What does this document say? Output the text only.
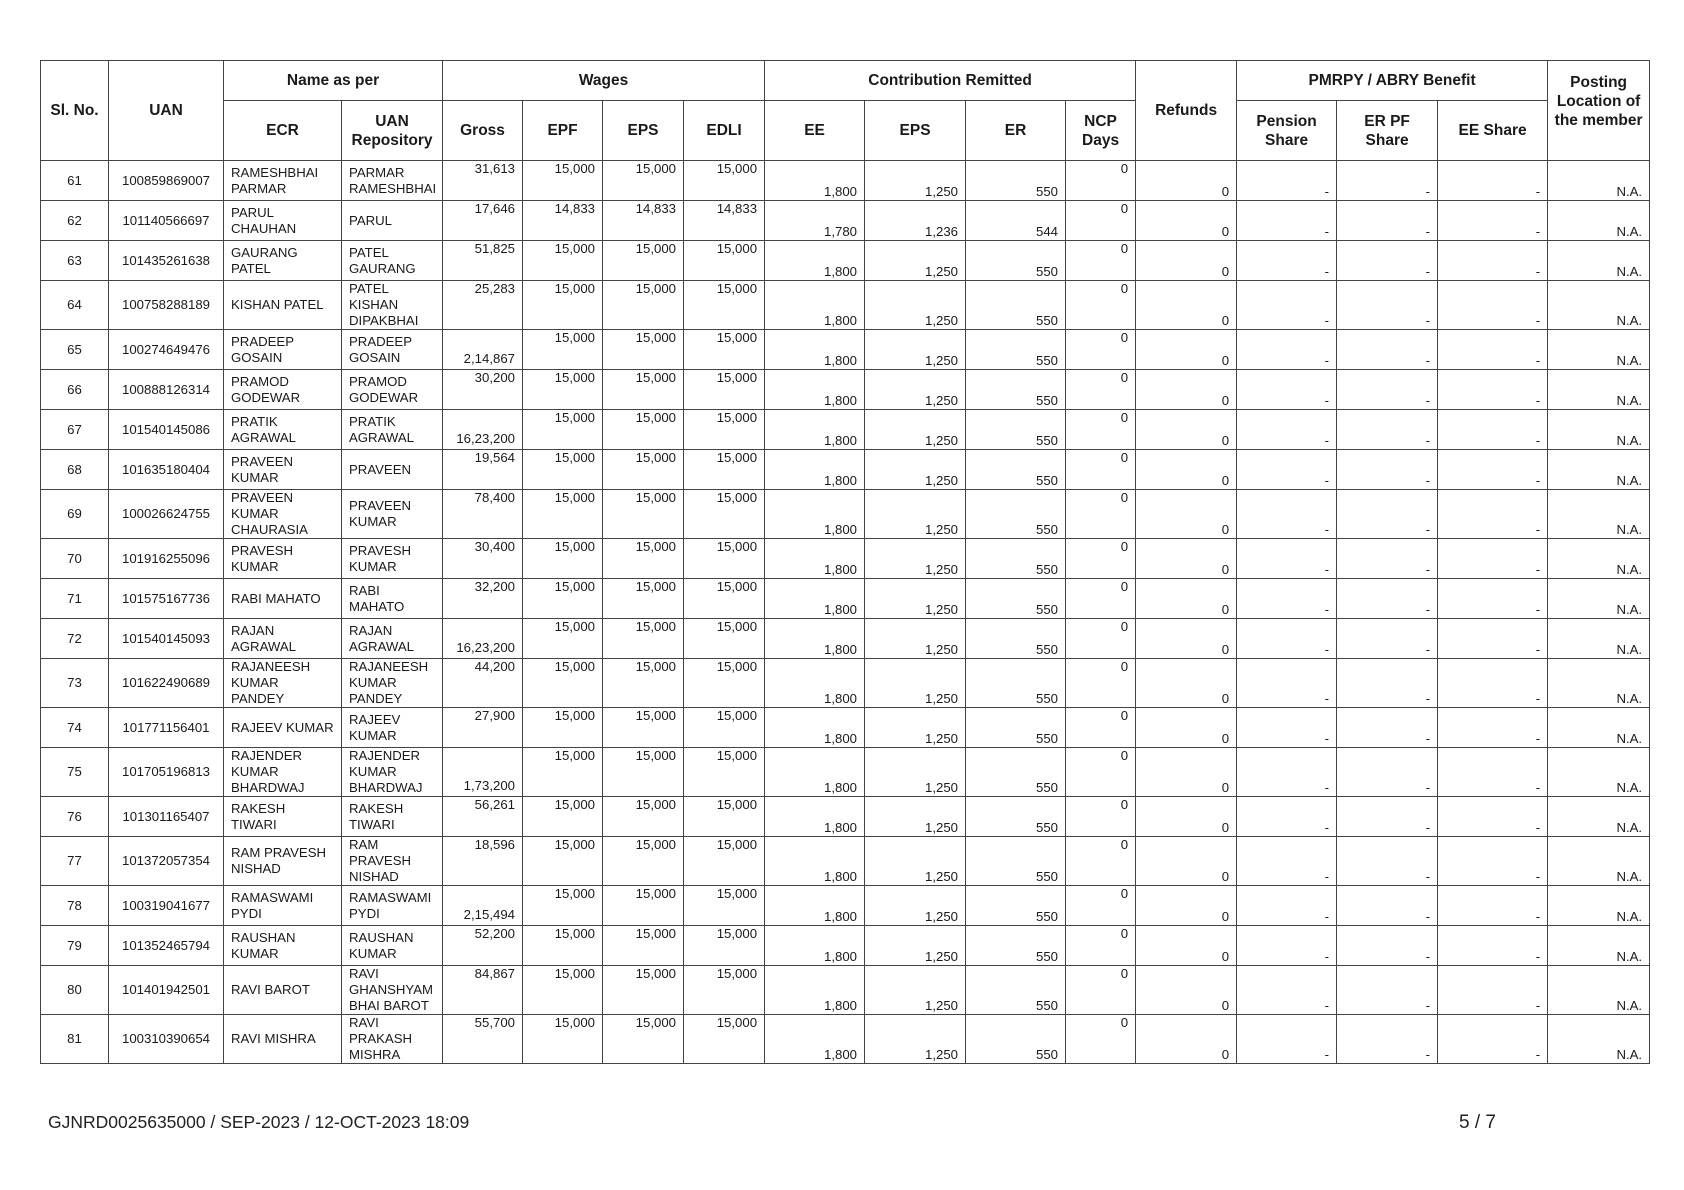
Sl. No.	UAN	Name as per		Wages				Contribution Remitted				Refunds	PMRPY / ABRY Benefit			Posting Location of the member
		ECR	UAN Repository	Gross	EPF	EPS	EDLI	EE	EPS	ER	NCP Days		Pension Share	ER PF Share	EE Share	
61	100859869007	RAMESHBHAI PARMAR	PARMAR RAMESHBHAI	31,613	15,000	15,000	15,000	1,800	1,250	550	0	0	-	-	-	N.A.
62	101140566697	PARUL CHAUHAN	PARUL	17,646	14,833	14,833	14,833	1,780	1,236	544	0	0	-	-	-	N.A.
63	101435261638	GAURANG PATEL	PATEL GAURANG	51,825	15,000	15,000	15,000	1,800	1,250	550	0	0	-	-	-	N.A.
64	100758288189	KISHAN PATEL	PATEL KISHAN DIPAKBHAI	25,283	15,000	15,000	15,000	1,800	1,250	550	0	0	-	-	-	N.A.
65	100274649476	PRADEEP GOSAIN	PRADEEP GOSAIN	2,14,867	15,000	15,000	15,000	1,800	1,250	550	0	0	-	-	-	N.A.
66	100888126314	PRAMOD GODEWAR	PRAMOD GODEWAR	30,200	15,000	15,000	15,000	1,800	1,250	550	0	0	-	-	-	N.A.
67	101540145086	PRATIK AGRAWAL	PRATIK AGRAWAL	16,23,200	15,000	15,000	15,000	1,800	1,250	550	0	0	-	-	-	N.A.
68	101635180404	PRAVEEN KUMAR	PRAVEEN	19,564	15,000	15,000	15,000	1,800	1,250	550	0	0	-	-	-	N.A.
69	100026624755	PRAVEEN KUMAR CHAURASIA	PRAVEEN KUMAR	78,400	15,000	15,000	15,000	1,800	1,250	550	0	0	-	-	-	N.A.
70	101916255096	PRAVESH KUMAR	PRAVESH KUMAR	30,400	15,000	15,000	15,000	1,800	1,250	550	0	0	-	-	-	N.A.
71	101575167736	RABI MAHATO	RABI MAHATO	32,200	15,000	15,000	15,000	1,800	1,250	550	0	0	-	-	-	N.A.
72	101540145093	RAJAN AGRAWAL	RAJAN AGRAWAL	16,23,200	15,000	15,000	15,000	1,800	1,250	550	0	0	-	-	-	N.A.
73	101622490689	RAJANEESH KUMAR PANDEY	RAJANEESH KUMAR PANDEY	44,200	15,000	15,000	15,000	1,800	1,250	550	0	0	-	-	-	N.A.
74	101771156401	RAJEEV KUMAR	RAJEEV KUMAR	27,900	15,000	15,000	15,000	1,800	1,250	550	0	0	-	-	-	N.A.
75	101705196813	RAJENDER KUMAR BHARDWAJ	RAJENDER KUMAR BHARDWAJ	1,73,200	15,000	15,000	15,000	1,800	1,250	550	0	0	-	-	-	N.A.
76	101301165407	RAKESH TIWARI	RAKESH TIWARI	56,261	15,000	15,000	15,000	1,800	1,250	550	0	0	-	-	-	N.A.
77	101372057354	RAM PRAVESH NISHAD	RAM PRAVESH NISHAD	18,596	15,000	15,000	15,000	1,800	1,250	550	0	0	-	-	-	N.A.
78	100319041677	RAMASWAMI PYDI	RAMASWAMI PYDI	2,15,494	15,000	15,000	15,000	1,800	1,250	550	0	0	-	-	-	N.A.
79	101352465794	RAUSHAN KUMAR	RAUSHAN KUMAR	52,200	15,000	15,000	15,000	1,800	1,250	550	0	0	-	-	-	N.A.
80	101401942501	RAVI BAROT	RAVI GHANSHYAM BHAI BAROT	84,867	15,000	15,000	15,000	1,800	1,250	550	0	0	-	-	-	N.A.
81	100310390654	RAVI MISHRA	RAVI PRAKASH MISHRA	55,700	15,000	15,000	15,000	1,800	1,250	550	0	0	-	-	-	N.A.
GJNRD0025635000 / SEP-2023 / 12-OCT-2023 18:09	5 / 7
